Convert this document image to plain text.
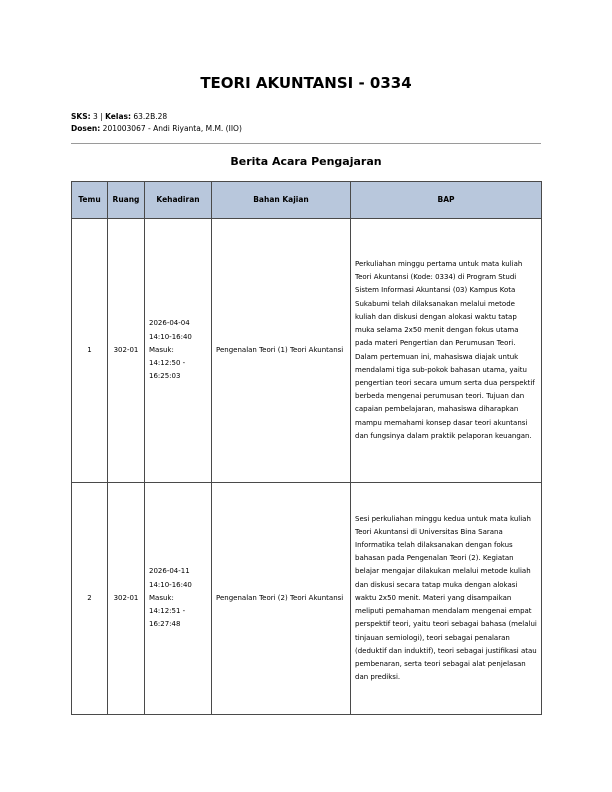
TEORI AKUNTANSI - 0334
SKS: 3 | Kelas: 63.2B.28
Dosen: 201003067 - Andi Riyanta, M.M. (IIO)
Berita Acara Pengajaran
Temu	Ruang	Kehadiran	Bahan Kajian	BAP
1	302-01	2026-04-04 14:10-16:40 Masuk: 14:12:50 - 16:25:03	Pengenalan Teori (1) Teori Akuntansi	Perkuliahan minggu pertama untuk mata kuliah Teori Akuntansi (Kode: 0334) di Program Studi Sistem Informasi Akuntansi (03) Kampus Kota Sukabumi telah dilaksanakan melalui metode kuliah dan diskusi dengan alokasi waktu tatap muka selama 2x50 menit dengan fokus utama pada materi Pengertian dan Perumusan Teori. Dalam pertemuan ini, mahasiswa diajak untuk mendalami tiga sub-pokok bahasan utama, yaitu pengertian teori secara umum serta dua perspektif berbeda mengenai perumusan teori. Tujuan dan capaian pembelajaran, mahasiswa diharapkan mampu memahami konsep dasar teori akuntansi dan fungsinya dalam praktik pelaporan keuangan.
2	302-01	2026-04-11 14:10-16:40 Masuk: 14:12:51 - 16:27:48	Pengenalan Teori (2) Teori Akuntansi	Sesi perkuliahan minggu kedua untuk mata kuliah Teori Akuntansi di Universitas Bina Sarana Informatika telah dilaksanakan dengan fokus bahasan pada Pengenalan Teori (2). Kegiatan belajar mengajar dilakukan melalui metode kuliah dan diskusi secara tatap muka dengan alokasi waktu 2x50 menit. Materi yang disampaikan meliputi pemahaman mendalam mengenai empat perspektif teori, yaitu teori sebagai bahasa (melalui tinjauan semiologi), teori sebagai penalaran (deduktif dan induktif), teori sebagai justifikasi atau pembenaran, serta teori sebagai alat penjelasan dan prediksi.
